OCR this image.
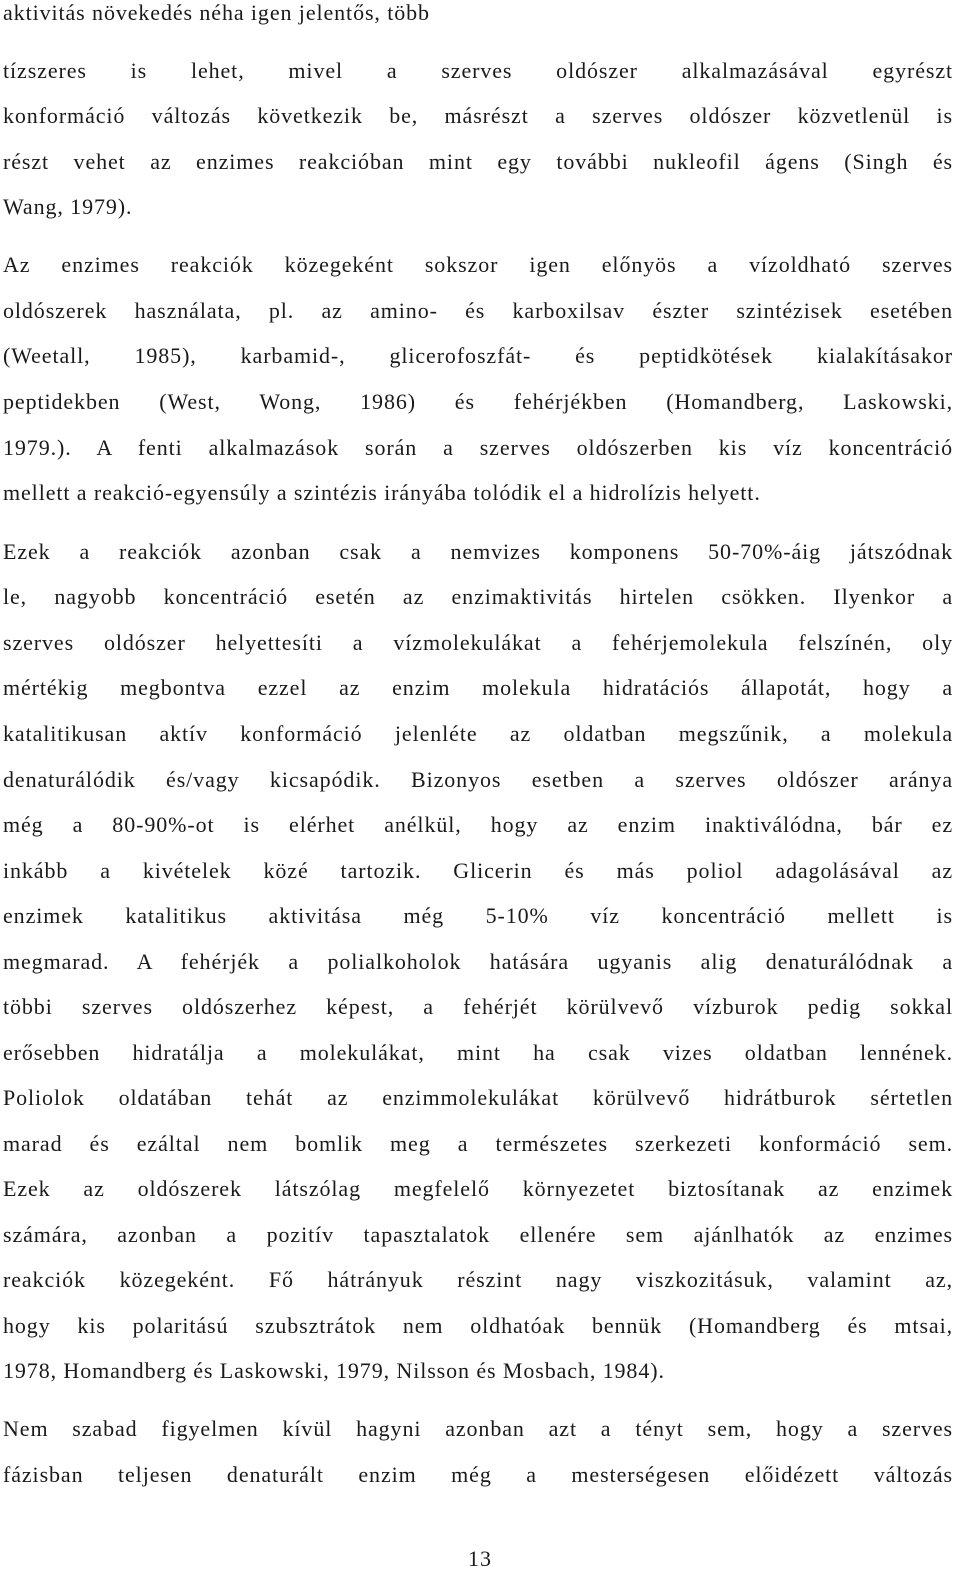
aktivitás növekedés néha igen jelentős, több
tízszeres is lehet, mivel a szerves oldószer alkalmazásával egyrészt
konformáció változás következik be, másrészt a szerves oldószer közvetlenül is
részt vehet az enzimes reakcióban mint egy további nukleofil ágens (Singh és
Wang, 1979).
Az enzimes reakciók közegeként sokszor igen előnyös a vízoldható szerves
oldószerek használata, pl. az amino- és karboxilsav észter szintézisek esetében
(Weetall, 1985), karbamid-, glicerofoszfát- és peptidkötések kialakításakor
peptidekben (West, Wong, 1986) és fehérjékben (Homandberg, Laskowski,
1979.). A fenti alkalmazások során a szerves oldószerben kis víz koncentráció
mellett a reakció-egyensúly a szintézis irányába tolódik el a hidrolízis helyett.
Ezek a reakciók azonban csak a nemvizes komponens 50-70%-áig játszódnak
le, nagyobb koncentráció esetén az enzimaktivitás hirtelen csökken. Ilyenkor a
szerves oldószer helyettesíti a vízmolekulákat a fehérjemolekula felszínén, oly
mértékig megbontva ezzel az enzim molekula hidratációs állapotát, hogy a
katalitikusan aktív konformáció jelenléte az oldatban megszűnik, a molekula
denaturálódik és/vagy kicsapódik. Bizonyos esetben a szerves oldószer aránya
még a 80-90%-ot is elérhet anélkül, hogy az enzim inaktiválódna, bár ez
inkább a kivételek közé tartozik. Glicerin és más poliol adagolásával az
enzimek katalitikus aktivitása még 5-10% víz koncentráció mellett is
megmarad. A fehérjék a polialkoholok hatására ugyanis alig denaturálódnak a
többi szerves oldószerhez képest, a fehérjét körülvevő vízburok pedig sokkal
erősebben hidratálja a molekulákat, mint ha csak vizes oldatban lennének.
Poliolok oldatában tehát az enzimmolekulákat körülvevő hidrátburok sértetlen
marad és ezáltal nem bomlik meg a természetes szerkezeti konformáció sem.
Ezek az oldószerek látszólag megfelelő környezetet biztosítanak az enzimek
számára, azonban a pozitív tapasztalatok ellenére sem ajánlhatók az enzimes
reakciók közegeként. Fő hátrányuk részint nagy viszkozitásuk, valamint az,
hogy kis polaritású szubsztrátok nem oldhatóak bennük (Homandberg és mtsai,
1978, Homandberg és Laskowski, 1979, Nilsson és Mosbach, 1984).
Nem szabad figyelmen kívül hagyni azonban azt a tényt sem, hogy a szerves
fázisban teljesen denaturált enzim még a mesterségesen előidézett változás
13
